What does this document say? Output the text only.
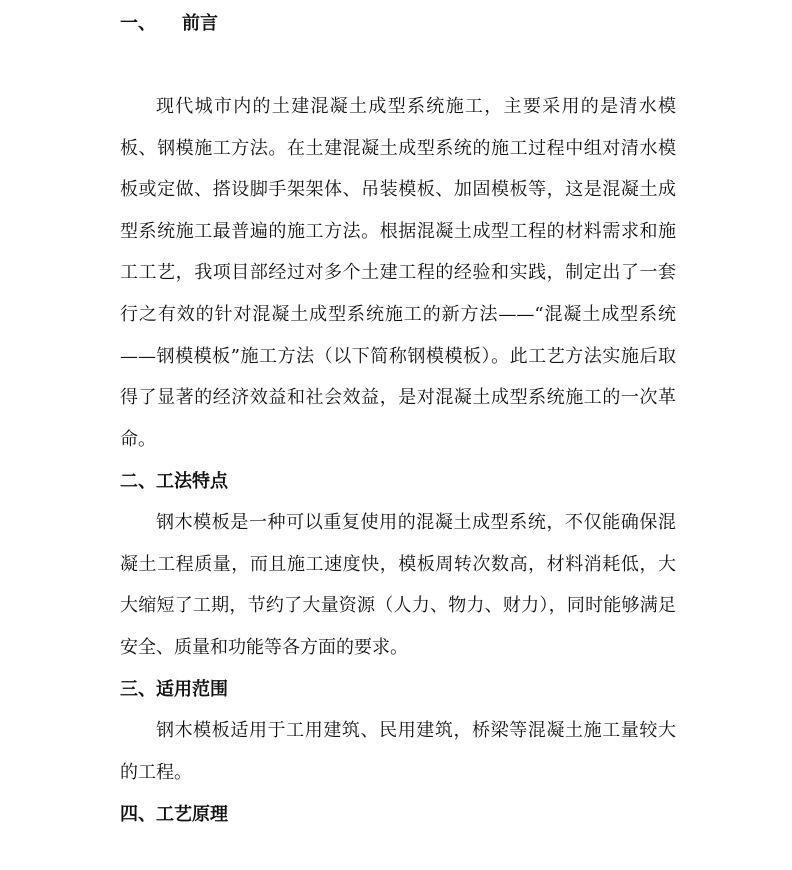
一、 前言

现代城市内的土建混凝土成型系统施工，主要采用的是清水模板、钢模施工方法。在土建混凝土成型系统的施工过程中组对清水模板或定做、搭设脚手架架体、吊装模板、加固模板等，这是混凝土成型系统施工最普遍的施工方法。根据混凝土成型工程的材料需求和施工工艺，我项目部经过对多个土建工程的经验和实践，制定出了一套行之有效的针对混凝土成型系统施工的新方法——“混凝土成型系统——钢模模板”施工方法（以下简称钢模模板）。此工艺方法实施后取得了显著的经济效益和社会效益，是对混凝土成型系统施工的一次革命。

二、工法特点

钢木模板是一种可以重复使用的混凝土成型系统，不仅能确保混凝土工程质量，而且施工速度快，模板周转次数高，材料消耗低，大大缩短了工期，节约了大量资源（人力、物力、财力），同时能够满足安全、质量和功能等各方面的要求。

三、适用范围

钢木模板适用于工用建筑、民用建筑，桥梁等混凝土施工量较大的工程。

四、工艺原理
